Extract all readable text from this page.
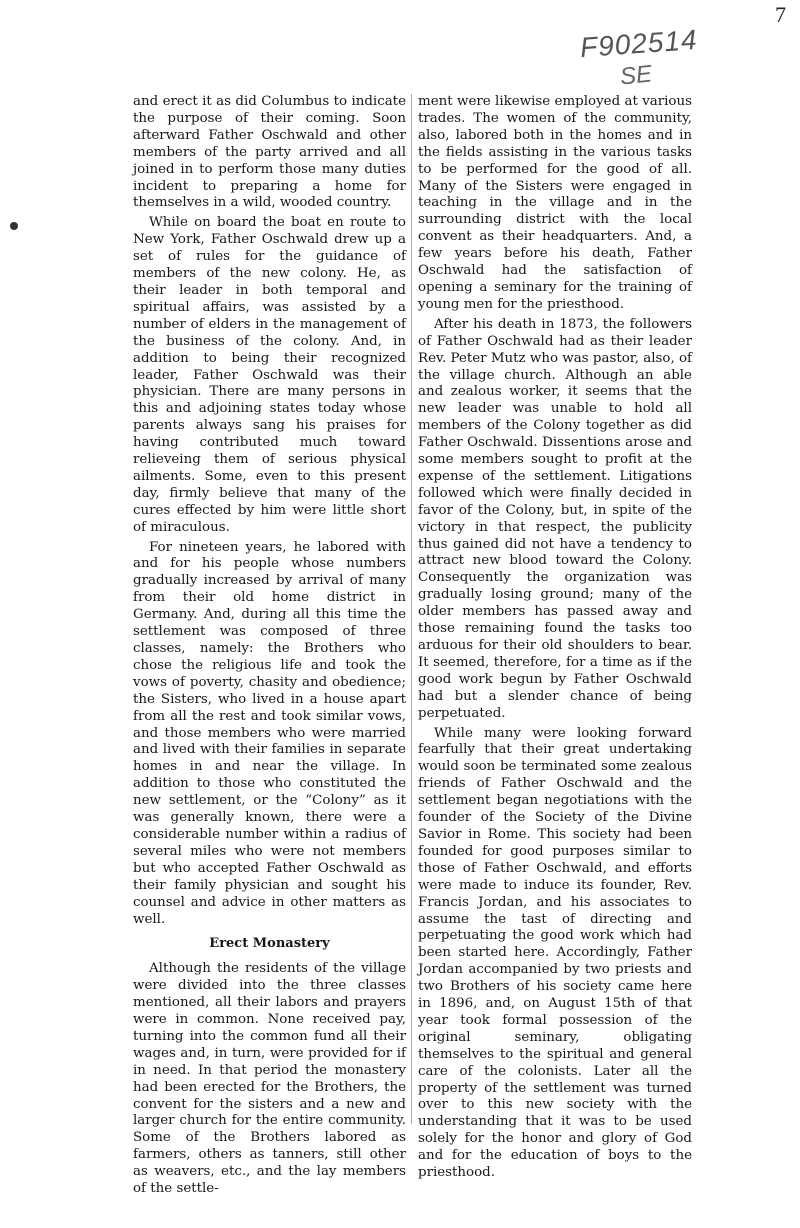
7
F902514
SE

and erect it as did Columbus to indicate the purpose of their coming. Soon afterward Father Oschwald and other members of the party arrived and all joined in to perform those many duties incident to preparing a home for themselves in a wild, wooded country.

While on board the boat en route to New York, Father Oschwald drew up a set of rules for the guidance of members of the new colony. He, as their leader in both temporal and spiritual affairs, was assisted by a number of elders in the management of the business of the colony. And, in addition to being their recognized leader, Father Oschwald was their physician. There are many persons in this and adjoining states today whose parents always sang his praises for having contributed much toward relieveing them of serious physical ailments. Some, even to this present day, firmly believe that many of the cures effected by him were little short of miraculous.

For nineteen years, he labored with and for his people whose numbers gradually increased by arrival of many from their old home district in Germany. And, during all this time the settlement was composed of three classes, namely: the Brothers who chose the religious life and took the vows of poverty, chasity and obedience; the Sisters, who lived in a house apart from all the rest and took similar vows, and those members who were married and lived with their families in separate homes in and near the village. In addition to those who constituted the new settlement, or the “Colony” as it was generally known, there were a considerable number within a radius of several miles who were not members but who accepted Father Oschwald as their family physician and sought his counsel and advice in other matters as well.

Erect Monastery

Although the residents of the village were divided into the three classes mentioned, all their labors and prayers were in common. None received pay, turning into the common fund all their wages and, in turn, were provided for if in need. In that period the monastery had been erected for the Brothers, the convent for the sisters and a new and larger church for the entire community. Some of the Brothers labored as farmers, others as tanners, still other as weavers, etc., and the lay members of the settle-

ment were likewise employed at various trades. The women of the community, also, labored both in the homes and in the fields assisting in the various tasks to be performed for the good of all. Many of the Sisters were engaged in teaching in the village and in the surrounding district with the local convent as their headquarters. And, a few years before his death, Father Oschwald had the satisfaction of opening a seminary for the training of young men for the priesthood.

After his death in 1873, the followers of Father Oschwald had as their leader Rev. Peter Mutz who was pastor, also, of the village church. Although an able and zealous worker, it seems that the new leader was unable to hold all members of the Colony together as did Father Oschwald. Dissentions arose and some members sought to profit at the expense of the settlement. Litigations followed which were finally decided in favor of the Colony, but, in spite of the victory in that respect, the publicity thus gained did not have a tendency to attract new blood toward the Colony. Consequently the organization was gradually losing ground; many of the older members has passed away and those remaining found the tasks too arduous for their old shoulders to bear. It seemed, therefore, for a time as if the good work begun by Father Oschwald had but a slender chance of being perpetuated.

While many were looking forward fearfully that their great undertaking would soon be terminated some zealous friends of Father Oschwald and the settlement began negotiations with the founder of the Society of the Divine Savior in Rome. This society had been founded for good purposes similar to those of Father Oschwald, and efforts were made to induce its founder, Rev. Francis Jordan, and his associates to assume the tast of directing and perpetuating the good work which had been started here. Accordingly, Father Jordan accompanied by two priests and two Brothers of his society came here in 1896, and, on August 15th of that year took formal possession of the original seminary, obligating themselves to the spiritual and general care of the colonists. Later all the property of the settlement was turned over to this new society with the understanding that it was to be used solely for the honor and glory of God and for the education of boys to the priesthood.
